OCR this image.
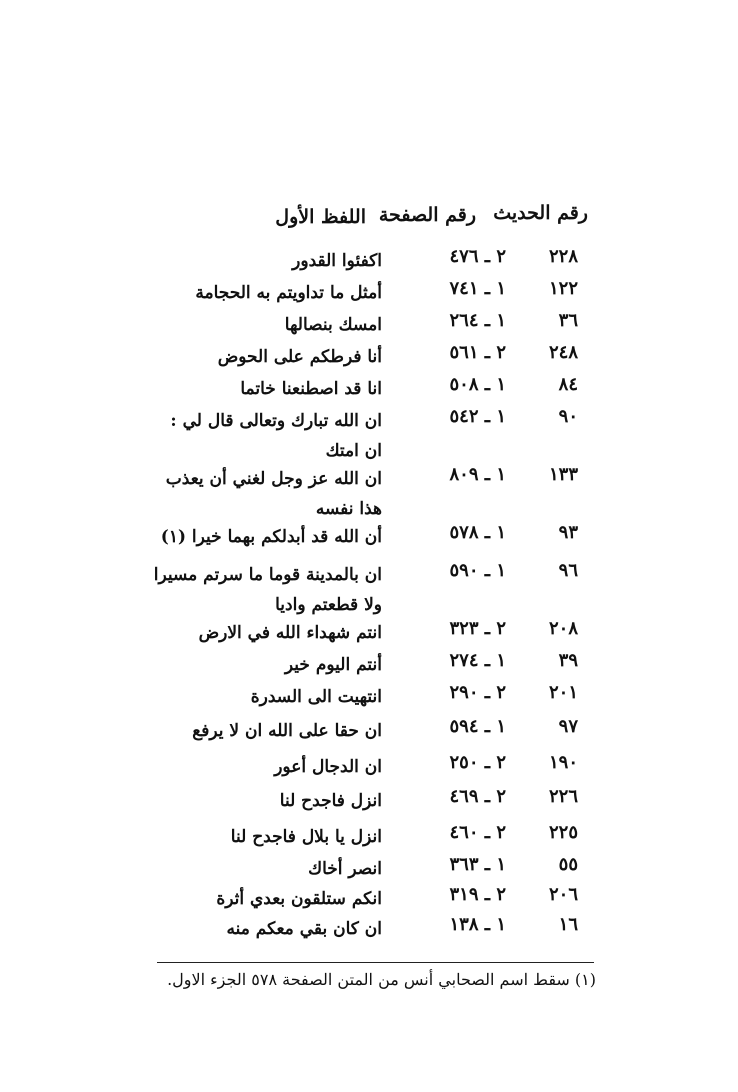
رقم الحديث
رقم الصفحة
اللفظ الأول
٢٢٨
٢ ـ ٤٧٦
اكفئوا القدور
١٢٢
١ ـ ٧٤١
أمثل ما تداويتم به الحجامة
٣٦
١ ـ ٢٦٤
امسك بنصالها
٢٤٨
٢ ـ ٥٦١
أنا فرطكم على الحوض
٨٤
١ ـ ٥٠٨
انا قد اصطنعنا خاتما
٩٠
١ ـ ٥٤٢
ان الله تبارك وتعالى قال لي : ان امتك
١٣٣
١ ـ ٨٠٩
ان الله عز وجل لغني أن يعذب هذا نفسه
٩٣
١ ـ ٥٧٨
أن الله قد أبدلكم بهما خيرا (١)
٩٦
١ ـ ٥٩٠
ان بالمدينة قوما ما سرتم مسيرا ولا قطعتم واديا
٢٠٨
٢ ـ ٣٢٣
انتم شهداء الله في الارض
٣٩
١ ـ ٢٧٤
أنتم اليوم خير
٢٠١
٢ ـ ٢٩٠
انتهيت الى السدرة
٩٧
١ ـ ٥٩٤
ان حقا على الله ان لا يرفع
١٩٠
٢ ـ ٢٥٠
ان الدجال أعور
٢٢٦
٢ ـ ٤٦٩
انزل فاجدح لنا
٢٢٥
٢ ـ ٤٦٠
انزل يا بلال فاجدح لنا
٥٥
١ ـ ٣٦٣
انصر أخاك
٢٠٦
٢ ـ ٣١٩
انكم ستلقون بعدي أثرة
١٦
١ ـ ١٣٨
ان كان بقي معكم منه
(١) سقط اسم الصحابي أنس من المتن الصفحة ٥٧٨ الجزء الاول.
